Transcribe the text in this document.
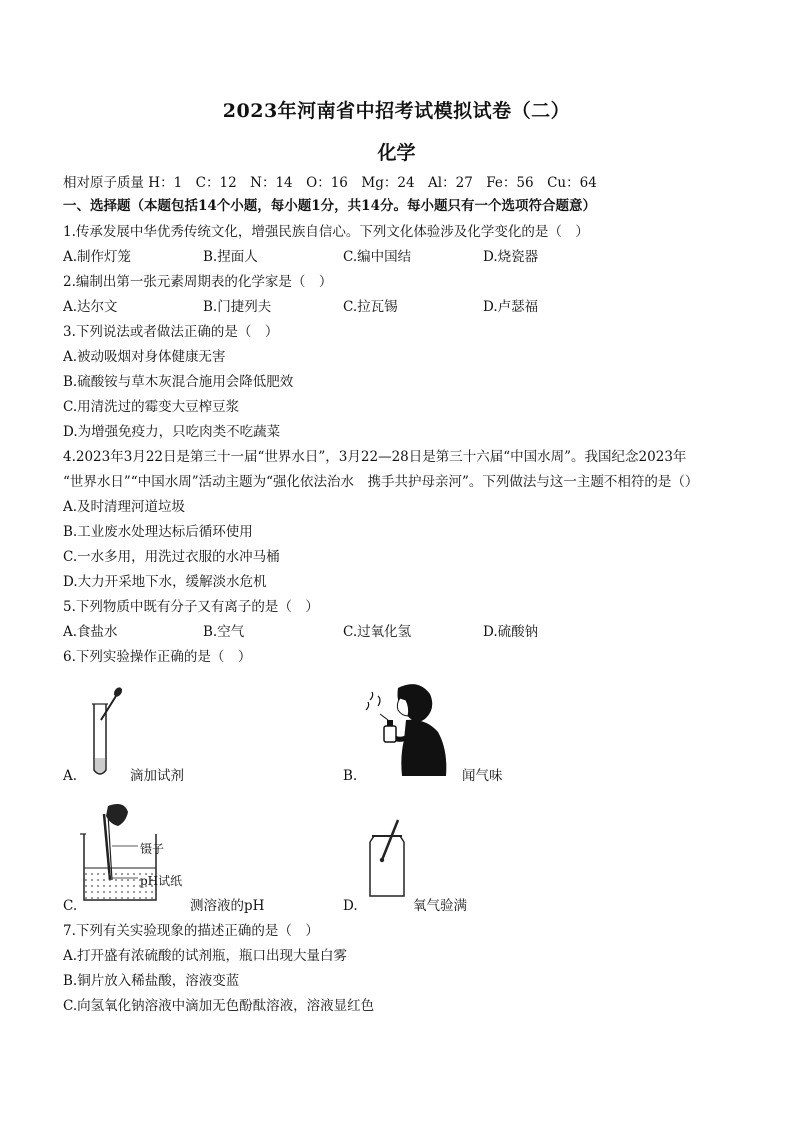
2023年河南省中招考试模拟试卷（二）
化学
相对原子质量 H：1　C：12　N：14　O：16　Mg：24　Al：27　Fe：56　Cu：64
一、选择题（本题包括14个小题，每小题1分，共14分。每小题只有一个选项符合题意）
1.传承发展中华优秀传统文化，增强民族自信心。下列文化体验涉及化学变化的是（　）
A.制作灯笼	B.捏面人	C.编中国结	D.烧瓷器
2.编制出第一张元素周期表的化学家是（　）
A.达尔文	B.门捷列夫	C.拉瓦锡	D.卢瑟福
3.下列说法或者做法正确的是（　）
A.被动吸烟对身体健康无害
B.硫酸铵与草木灰混合施用会降低肥效
C.用清洗过的霉变大豆榨豆浆
D.为增强免疫力，只吃肉类不吃蔬菜
4.2023年3月22日是第三十一届“世界水日”，3月22—28日是第三十六届“中国水周”。我国纪念2023年
“世界水日”“中国水周”活动主题为“强化依法治水　携手共护母亲河”。下列做法与这一主题不相符的是（）
A.及时清理河道垃圾
B.工业废水处理达标后循环使用
C.一水多用，用洗过衣服的水冲马桶
D.大力开采地下水，缓解淡水危机
5.下列物质中既有分子又有离子的是（　）
A.食盐水	B.空气	C.过氧化氢	D.硫酸钠
6.下列实验操作正确的是（　）
A.	滴加试剂	B.	闻气味
镊子
pH试纸
C.	测溶液的pH	D.	氧气验满
7.下列有关实验现象的描述正确的是（　）
A.打开盛有浓硫酸的试剂瓶，瓶口出现大量白雾
B.铜片放入稀盐酸，溶液变蓝
C.向氢氧化钠溶液中滴加无色酚酞溶液，溶液显红色
